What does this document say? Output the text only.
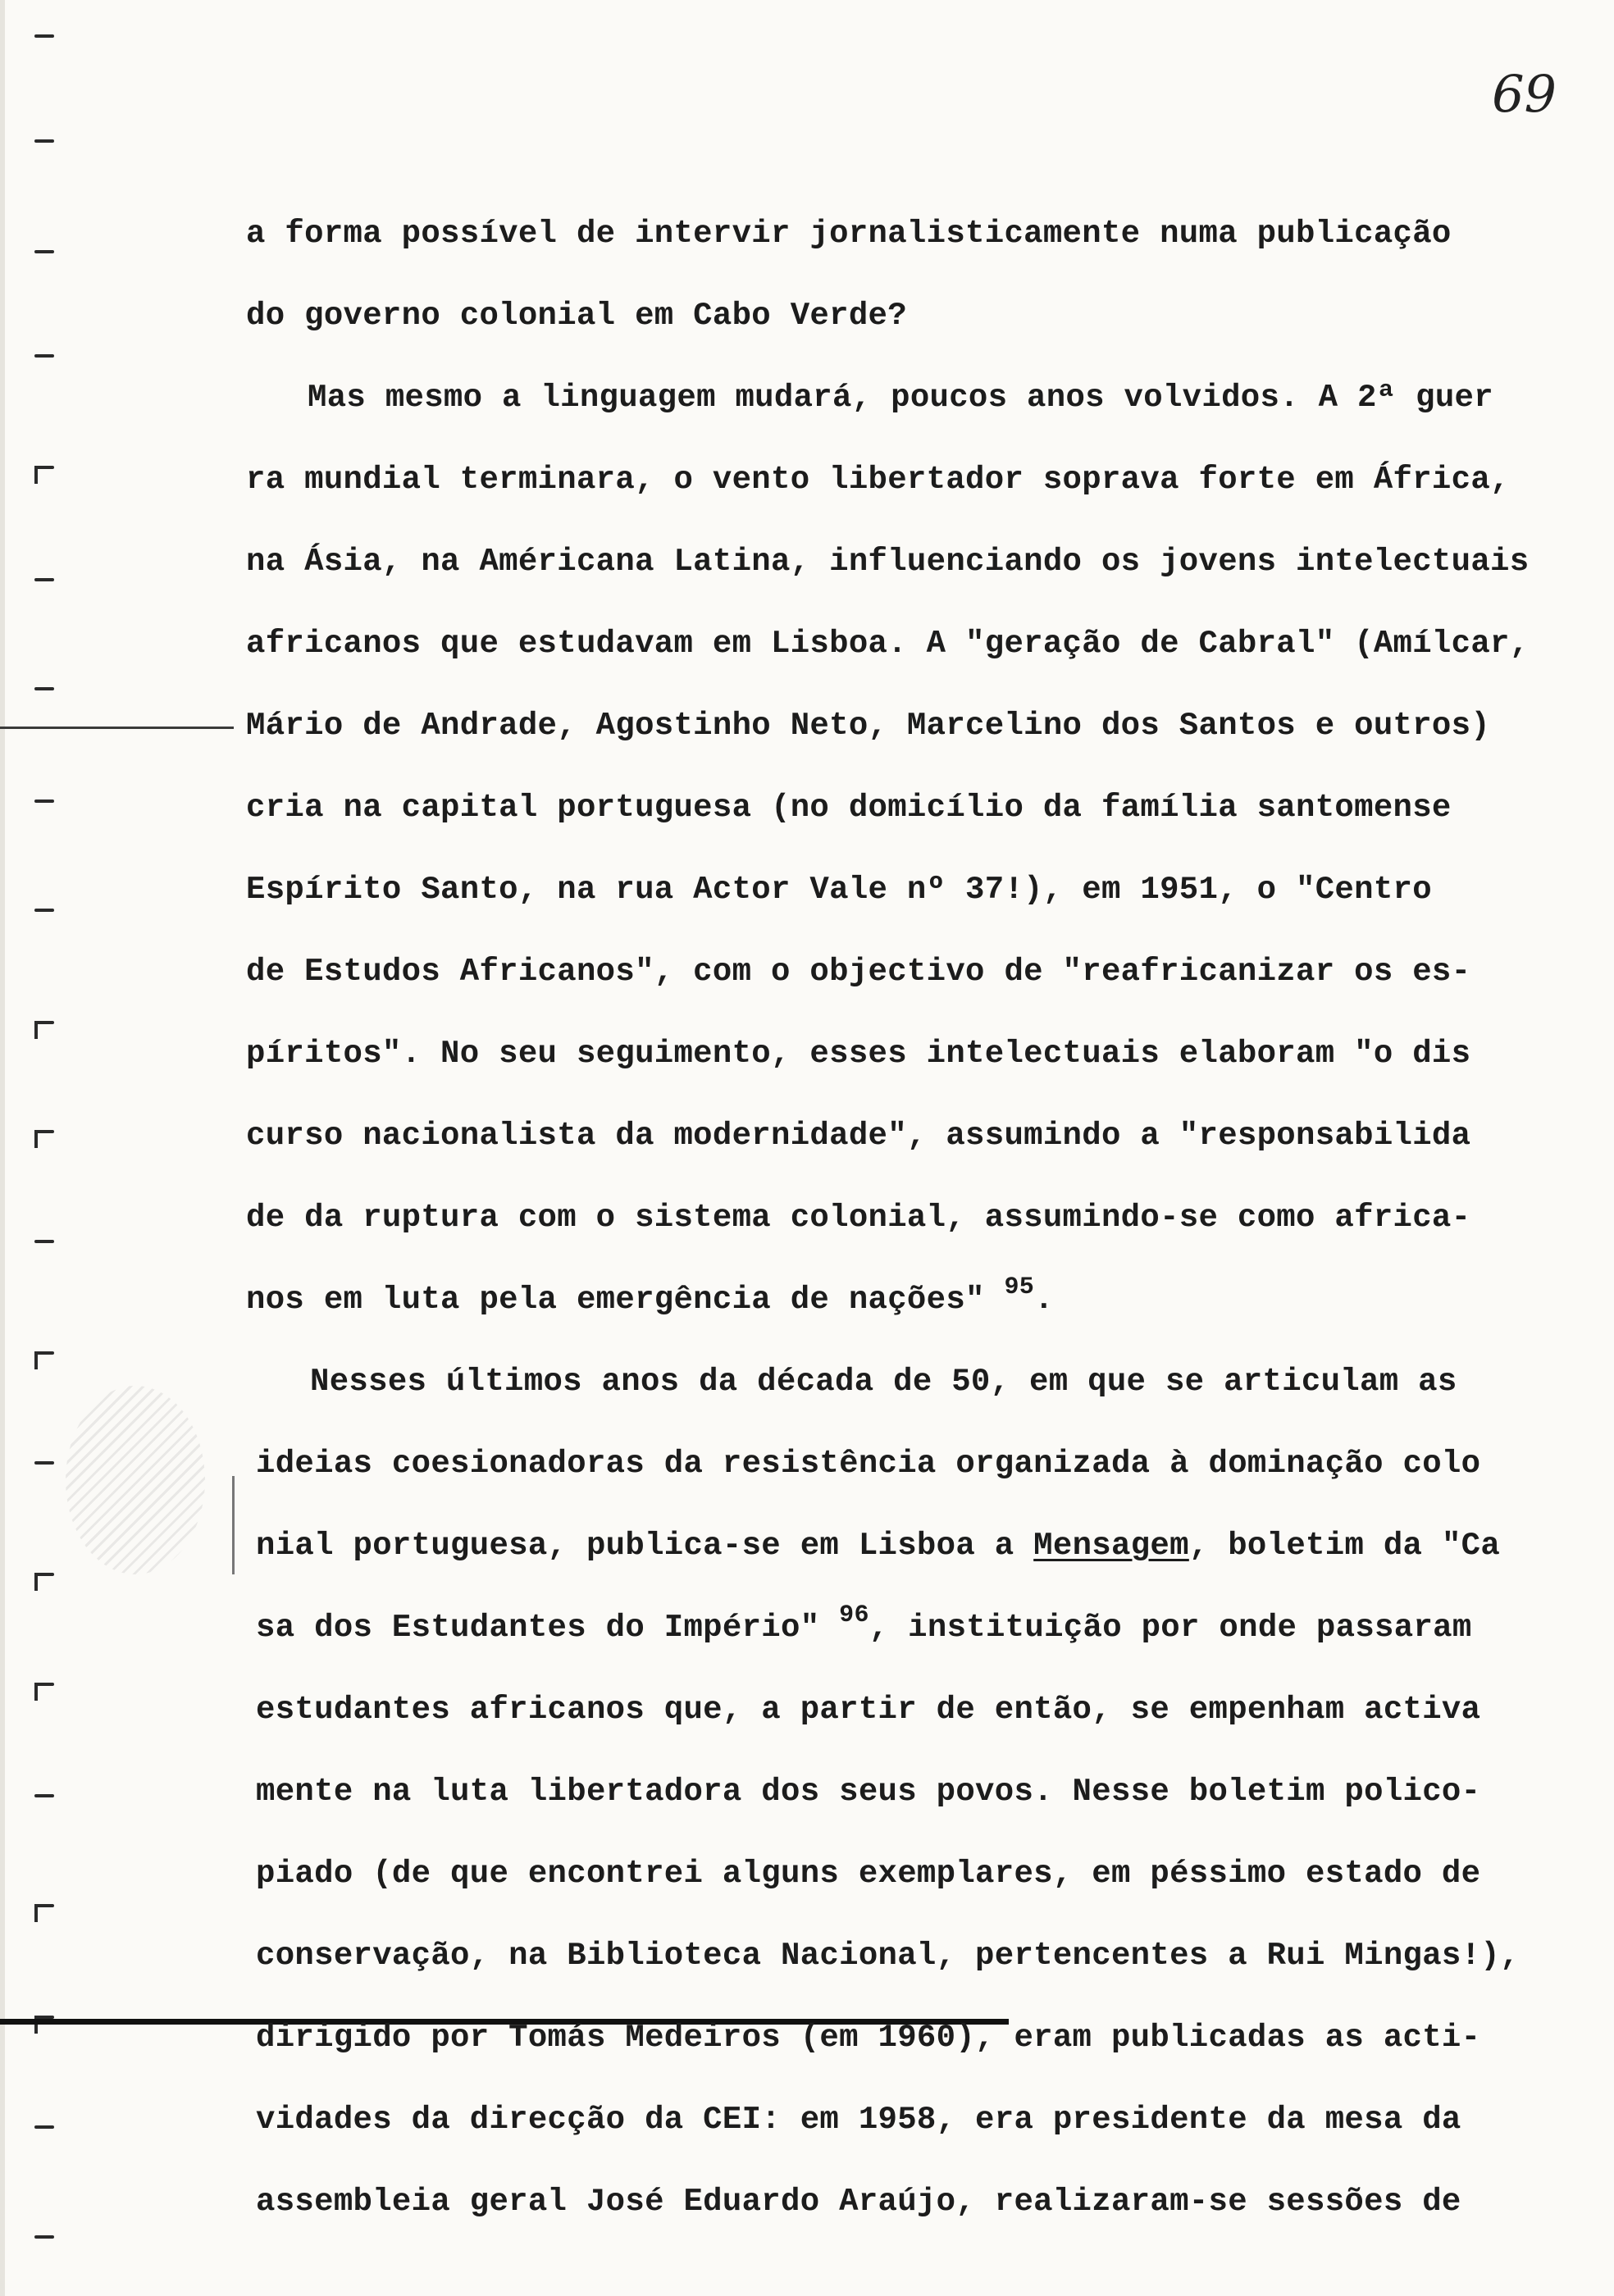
69
a forma possível de intervir jornalisticamente numa publicação
do governo colonial em Cabo Verde?
Mas mesmo a linguagem mudará, poucos anos volvidos. A 2ª guer
ra mundial terminara, o vento libertador soprava forte em África,
na Ásia, na Américana Latina, influenciando os jovens intelectuais
africanos que estudavam em Lisboa. A "geração de Cabral" (Amílcar,
Mário de Andrade, Agostinho Neto, Marcelino dos Santos e outros)
cria na capital portuguesa (no domicílio da família santomense
Espírito Santo, na rua Actor Vale nº 37!), em 1951, o "Centro
de Estudos Africanos", com o objectivo de "reafricanizar os es-
píritos". No seu seguimento, esses intelectuais elaboram "o dis
curso nacionalista da modernidade", assumindo a "responsabilida
de da ruptura com o sistema colonial, assumindo-se como africa-
nos em luta pela emergência de nações" $^{95}$.
Nesses últimos anos da década de 50, em que se articulam as
ideias coesionadoras da resistência organizada à dominação colo
nial portuguesa, publica-se em Lisboa a Mensagem, boletim da "Ca
sa dos Estudantes do Império" $^{96}$, instituição por onde passaram
estudantes africanos que, a partir de então, se empenham activa
mente na luta libertadora dos seus povos. Nesse boletim polico-
piado (de que encontrei alguns exemplares, em péssimo estado de
conservação, na Biblioteca Nacional, pertencentes a Rui Mingas!),
dirigido por Tomás Medeiros (em 1960), eram publicadas as acti-
vidades da direcção da CEI: em 1958, era presidente da mesa da
assembleia geral José Eduardo Araújo, realizaram-se sessões de
